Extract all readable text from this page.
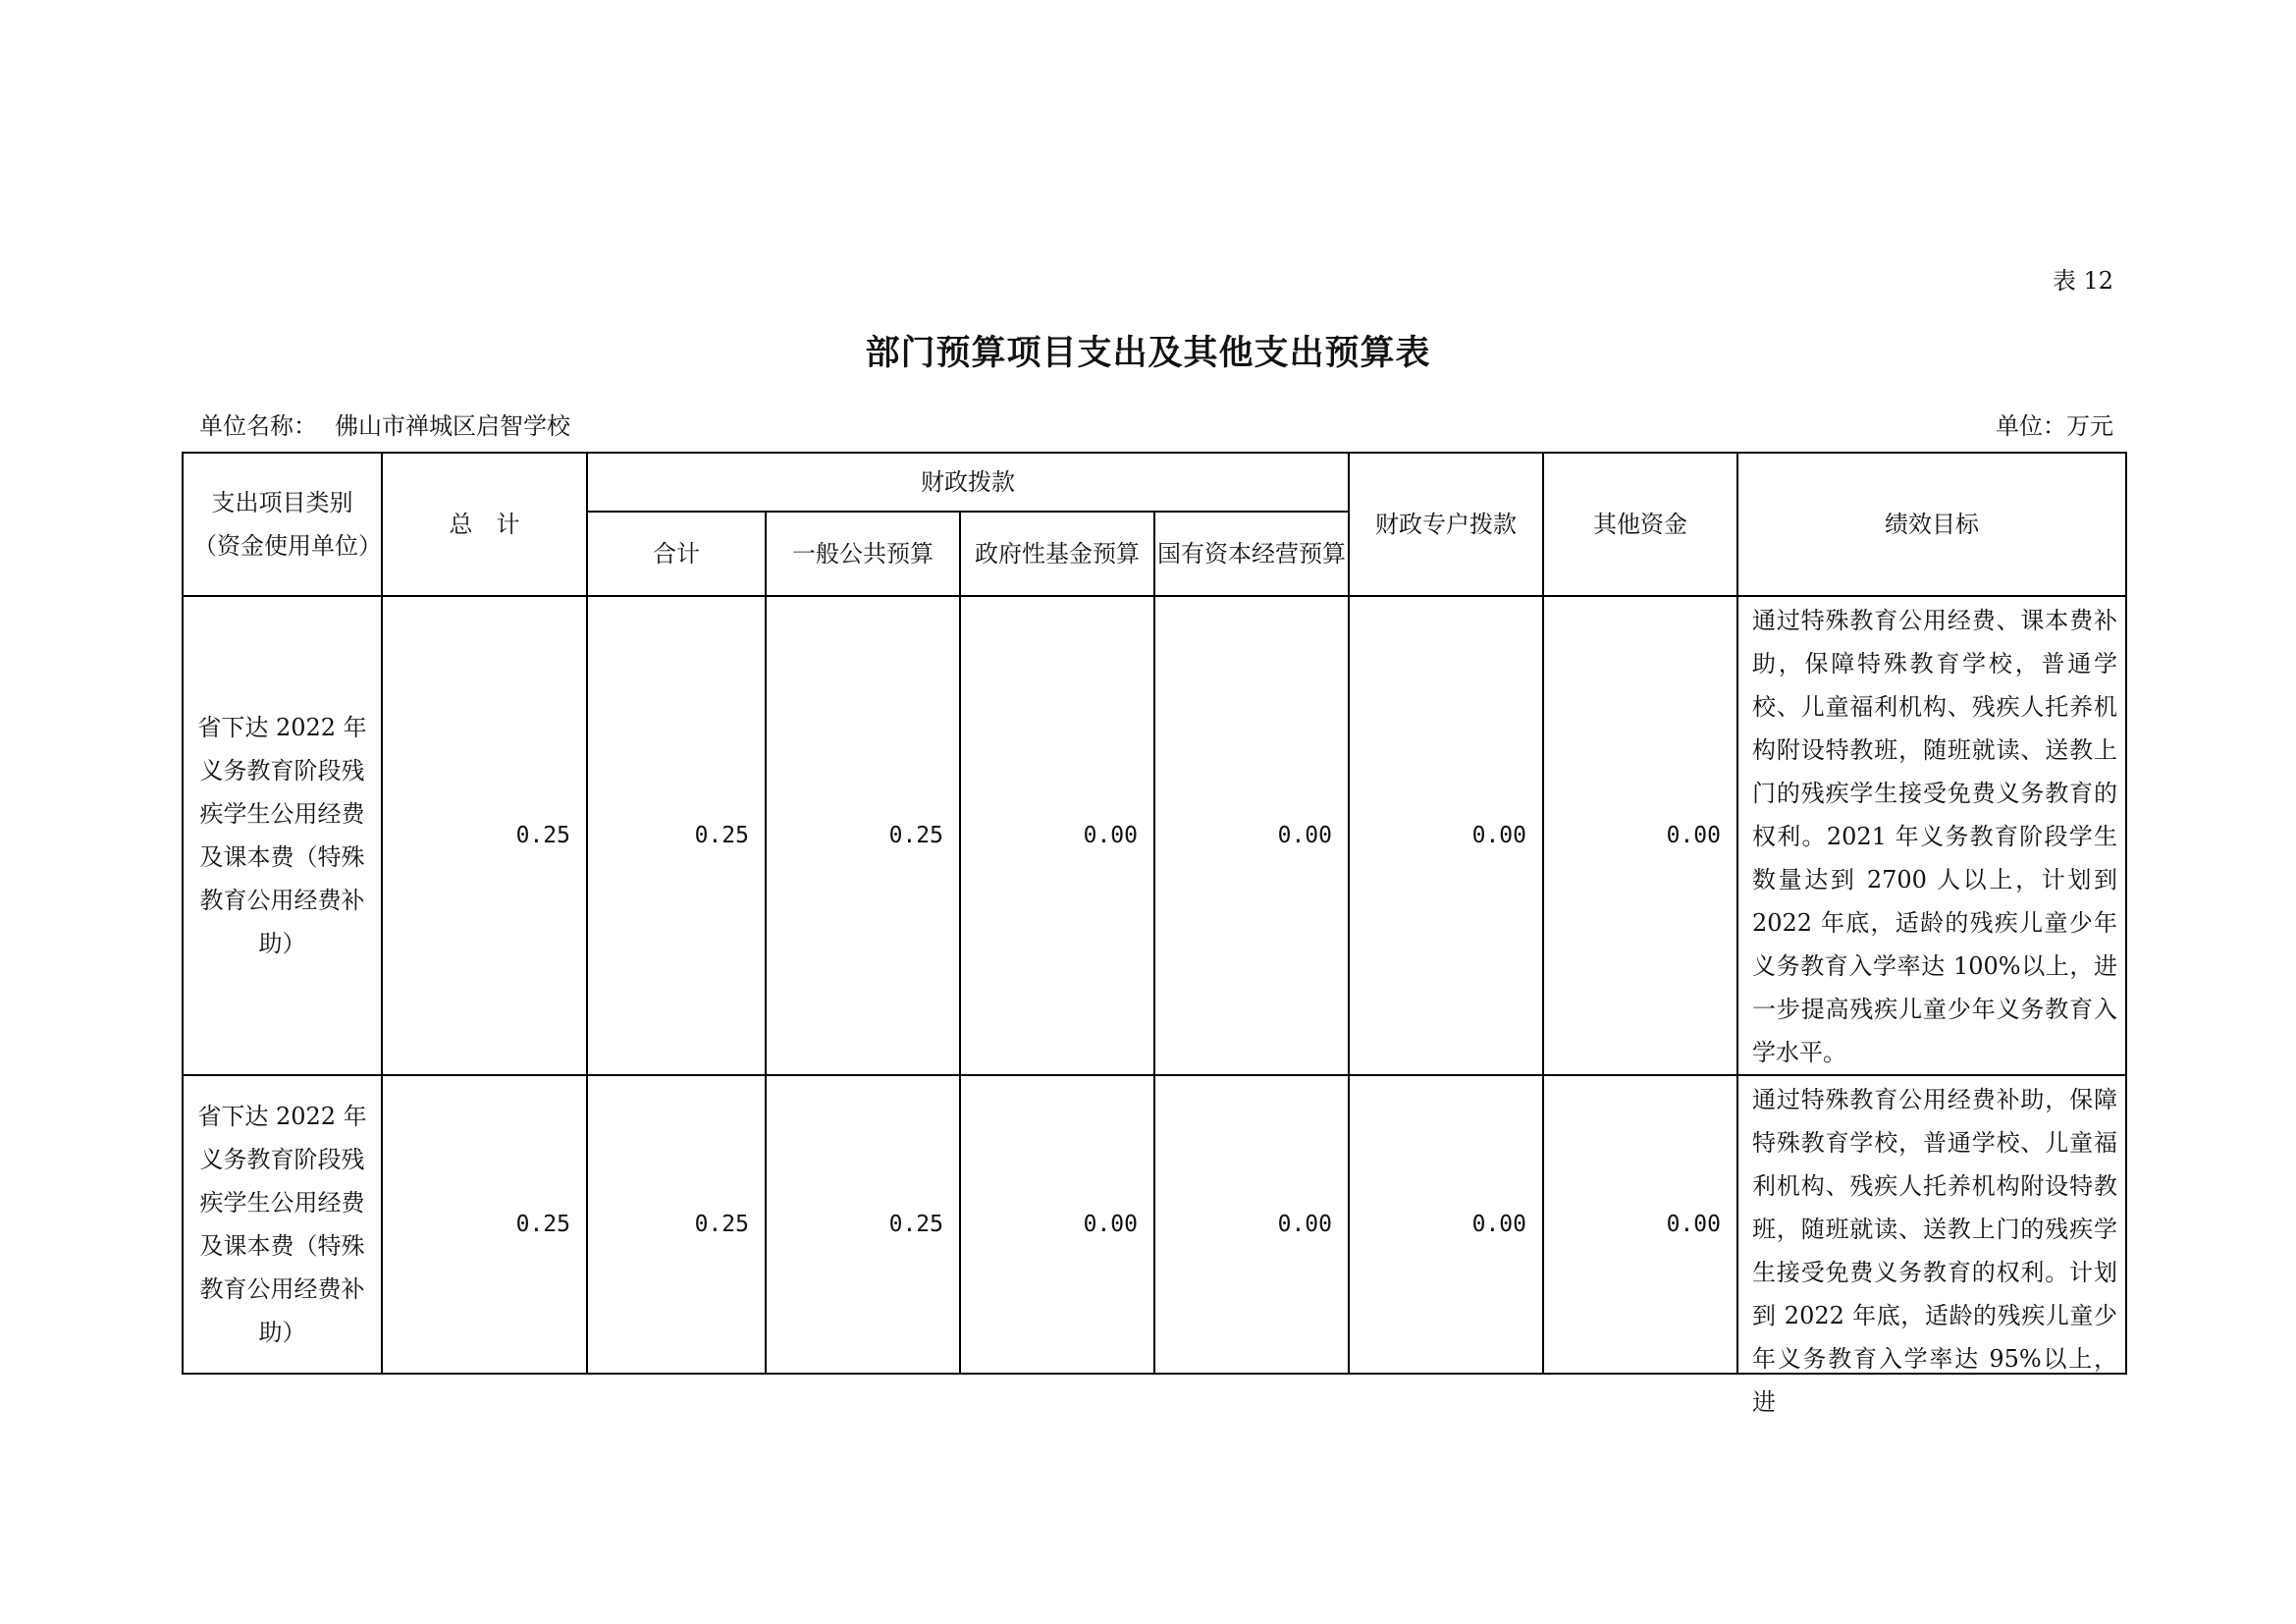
表 12
部门预算项目支出及其他支出预算表
单位名称： 佛山市禅城区启智学校	单位：万元
支出项目类别（资金使用单位）	总　计	财政拨款				财政专户拨款	其他资金	绩效目标
		合计	一般公共预算	政府性基金预算	国有资本经营预算			
省下达 2022 年义务教育阶段残疾学生公用经费及课本费（特殊教育公用经费补助）	0.25	0.25	0.25	0.00	0.00	0.00	0.00	通过特殊教育公用经费、课本费补助，保障特殊教育学校，普通学校、儿童福利机构、残疾人托养机构附设特教班，随班就读、送教上门的残疾学生接受免费义务教育的权利。2021 年义务教育阶段学生数量达到 2700 人以上，计划到 2022 年底，适龄的残疾儿童少年义务教育入学率达 100%以上，进一步提高残疾儿童少年义务教育入学水平。
省下达 2022 年义务教育阶段残疾学生公用经费及课本费（特殊教育公用经费补助）	0.25	0.25	0.25	0.00	0.00	0.00	0.00	通过特殊教育公用经费补助，保障特殊教育学校，普通学校、儿童福利机构、残疾人托养机构附设特教班，随班就读、送教上门的残疾学生接受免费义务教育的权利。计划到 2022 年底，适龄的残疾儿童少年义务教育入学率达 95%以上，进
